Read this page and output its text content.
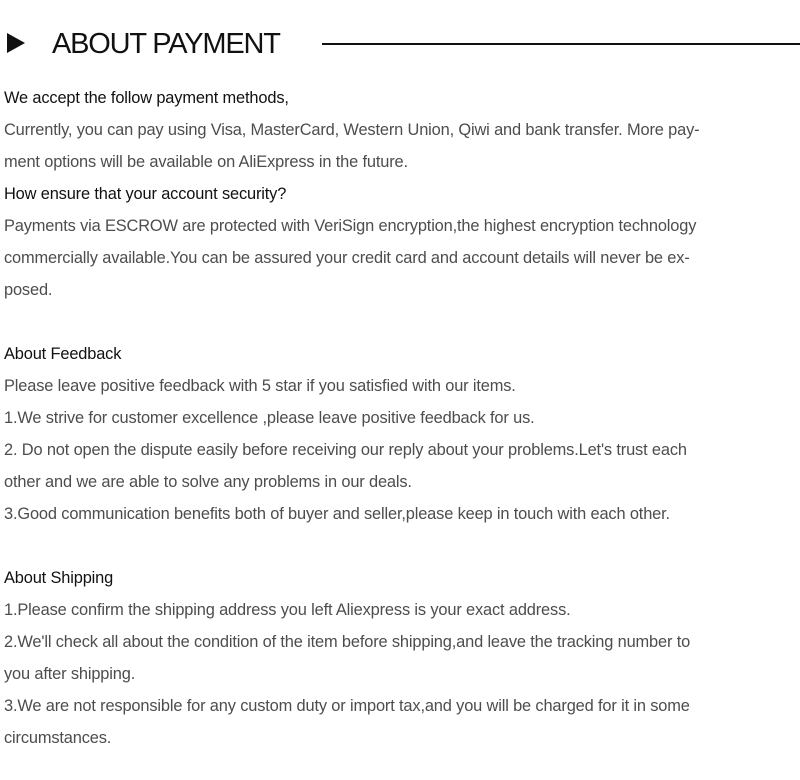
ABOUT PAYMENT
We accept the follow payment methods,
Currently, you can pay using Visa, MasterCard, Western Union, Qiwi and bank transfer. More pay-
ment options will be available on AliExpress in the future.
How ensure that your account security?
Payments via ESCROW are protected with VeriSign encryption,the highest encryption technology
commercially available.You can be assured your credit card and account details will never be ex-
posed.
About Feedback
Please leave positive feedback with 5 star if you satisfied with our items.
1.We strive for customer excellence ,please leave positive feedback for us.
2. Do not open the dispute easily before receiving our reply about your problems.Let's trust each
other and we are able to solve any problems in our deals.
3.Good communication benefits both of buyer and seller,please keep in touch with each other.
About Shipping
1.Please confirm the shipping address you left Aliexpress is your exact address.
2.We'll check all about the condition of the item before shipping,and leave the tracking number to
you after shipping.
3.We are not responsible for any custom duty or import tax,and you will be charged for it in some
circumstances.
